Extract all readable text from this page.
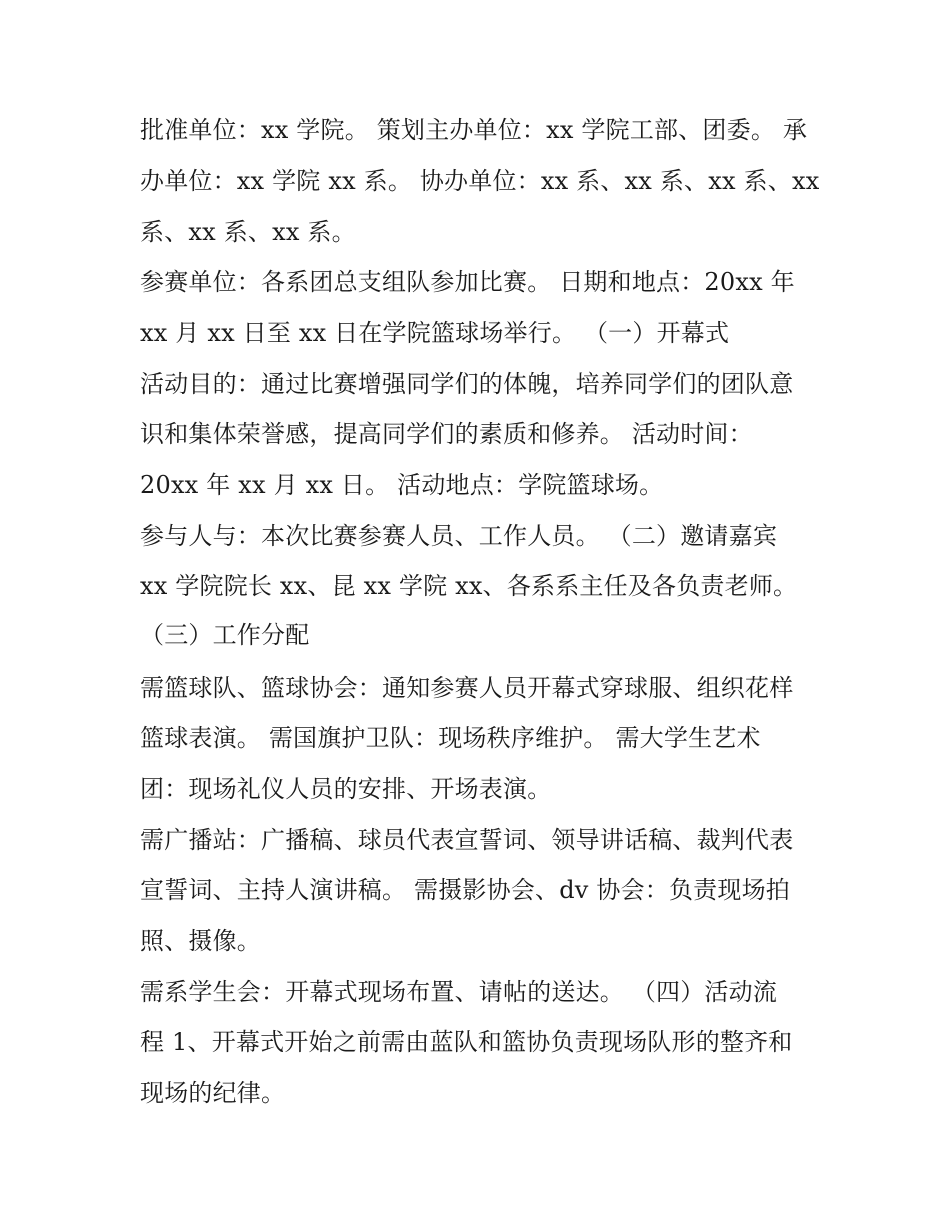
批准单位：xx 学院。 策划主办单位：xx 学院工部、团委。 承
办单位：xx 学院 xx 系。 协办单位：xx 系、xx 系、xx 系、xx
系、xx 系、xx 系。
参赛单位：各系团总支组队参加比赛。 日期和地点：20xx 年
xx 月 xx 日至 xx 日在学院篮球场举行。 （一）开幕式
活动目的：通过比赛增强同学们的体魄，培养同学们的团队意
识和集体荣誉感，提高同学们的素质和修养。 活动时间：
20xx 年 xx 月 xx 日。 活动地点：学院篮球场。
参与人与：本次比赛参赛人员、工作人员。 （二）邀请嘉宾
xx 学院院长 xx、昆 xx 学院 xx、各系系主任及各负责老师。
（三）工作分配
需篮球队、篮球协会：通知参赛人员开幕式穿球服、组织花样
篮球表演。 需国旗护卫队：现场秩序维护。 需大学生艺术
团：现场礼仪人员的安排、开场表演。
需广播站：广播稿、球员代表宣誓词、领导讲话稿、裁判代表
宣誓词、主持人演讲稿。 需摄影协会、dv 协会：负责现场拍
照、摄像。
需系学生会：开幕式现场布置、请帖的送达。 （四）活动流
程 1、开幕式开始之前需由蓝队和篮协负责现场队形的整齐和
现场的纪律。
